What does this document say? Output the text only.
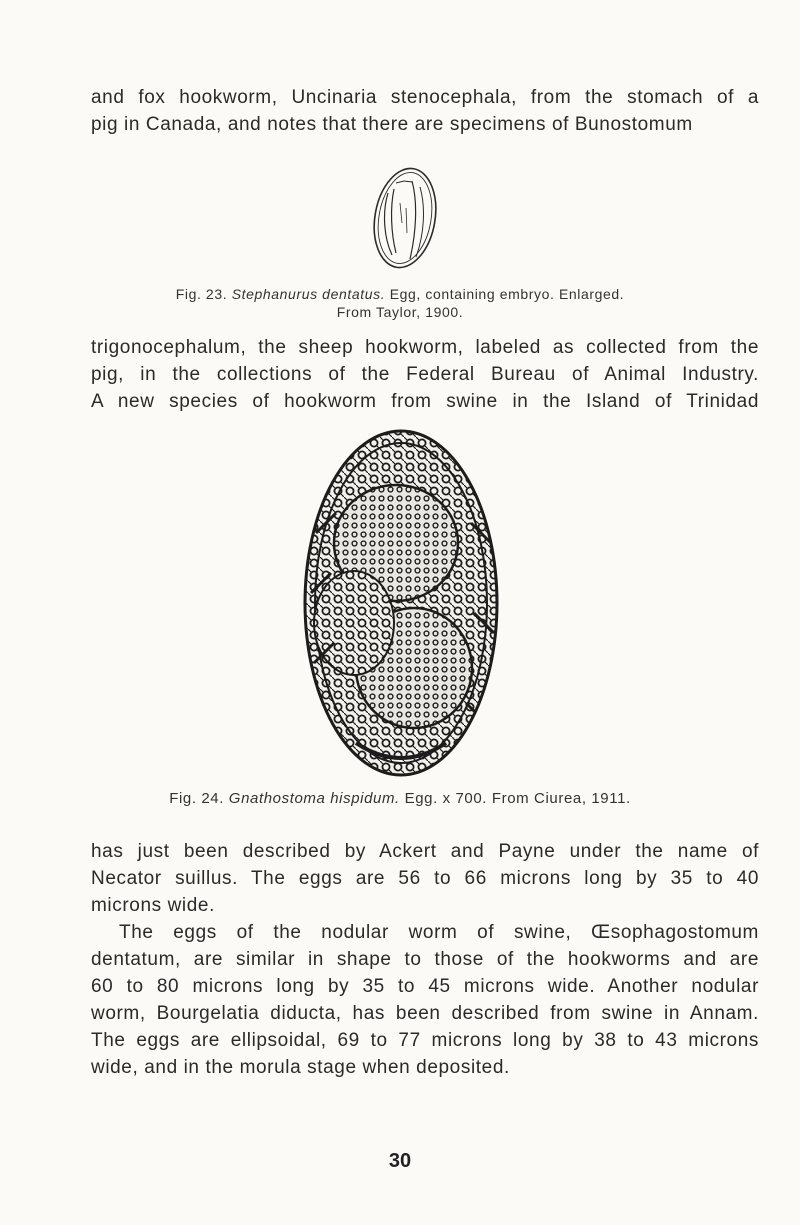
and fox hookworm, Uncinaria stenocephala, from the stomach of a
pig in Canada, and notes that there are specimens of Bunostomum

Fig. 23. Stephanurus dentatus. Egg, containing embryo. Enlarged.
From Taylor, 1900.

trigonocephalum, the sheep hookworm, labeled as collected from the
pig, in the collections of the Federal Bureau of Animal Industry.
A new species of hookworm from swine in the Island of Trinidad

Fig. 24. Gnathostoma hispidum. Egg. x 700. From Ciurea, 1911.

has just been described by Ackert and Payne under the name of
Necator suillus. The eggs are 56 to 66 microns long by 35 to 40
microns wide.

The eggs of the nodular worm of swine, Œsophagostomum
dentatum, are similar in shape to those of the hookworms and are
60 to 80 microns long by 35 to 45 microns wide. Another nodular
worm, Bourgelatia diducta, has been described from swine in Annam.
The eggs are ellipsoidal, 69 to 77 microns long by 38 to 43 microns
wide, and in the morula stage when deposited.

30
